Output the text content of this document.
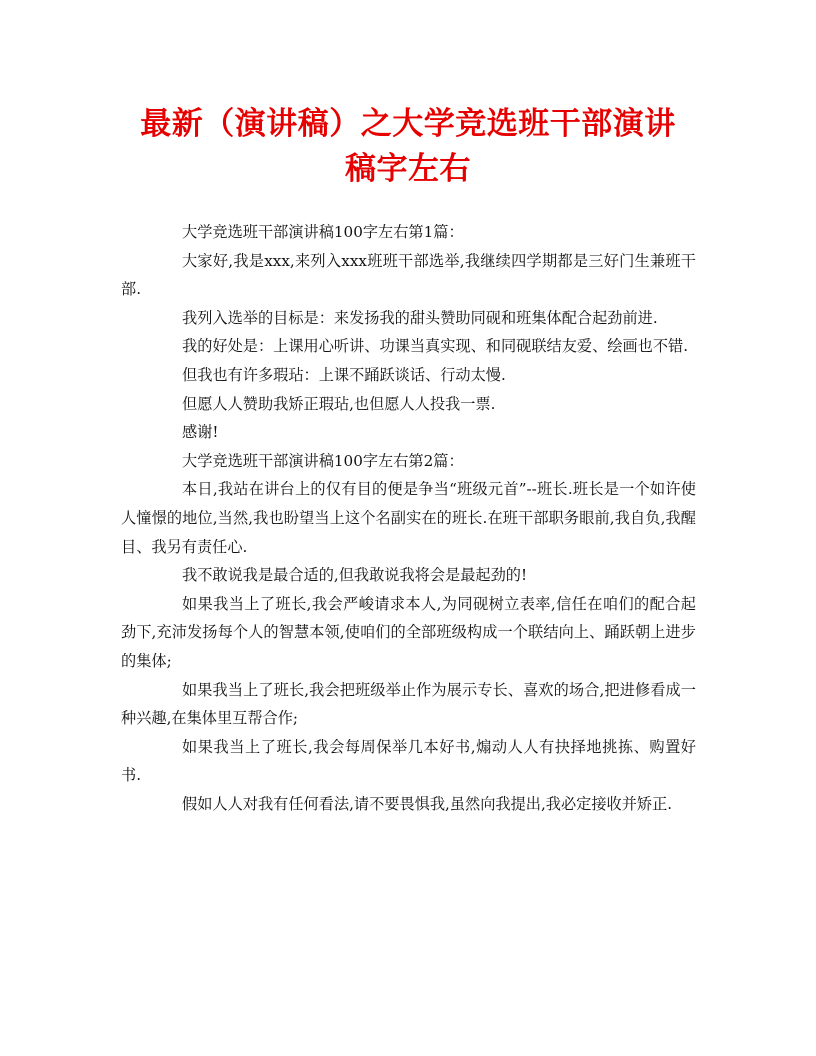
最新（演讲稿）之大学竞选班干部演讲
稿字左右

大学竞选班干部演讲稿100字左右第1篇：

大家好,我是xxx,来列入xxx班班干部选举,我继续四学期都是三好门生兼班干部.

我列入选举的目标是：来发扬我的甜头赞助同砚和班集体配合起劲前进.

我的好处是：上课用心听讲、功课当真实现、和同砚联结友爱、绘画也不错.

但我也有许多瑕玷：上课不踊跃谈话、行动太慢.

但愿人人赞助我矫正瑕玷,也但愿人人投我一票.

感谢!

大学竞选班干部演讲稿100字左右第2篇：

本日,我站在讲台上的仅有目的便是争当“班级元首”--班长.班长是一个如许使人憧憬的地位,当然,我也盼望当上这个名副实在的班长.在班干部职务眼前,我自负,我醒目、我另有责任心.

我不敢说我是最合适的,但我敢说我将会是最起劲的!

如果我当上了班长,我会严峻请求本人,为同砚树立表率,信任在咱们的配合起劲下,充沛发扬每个人的智慧本领,使咱们的全部班级构成一个联结向上、踊跃朝上进步的集体;

如果我当上了班长,我会把班级举止作为展示专长、喜欢的场合,把进修看成一种兴趣,在集体里互帮合作;

如果我当上了班长,我会每周保举几本好书,煽动人人有抉择地挑拣、购置好书.

假如人人对我有任何看法,请不要畏惧我,虽然向我提出,我必定接收并矫正.
